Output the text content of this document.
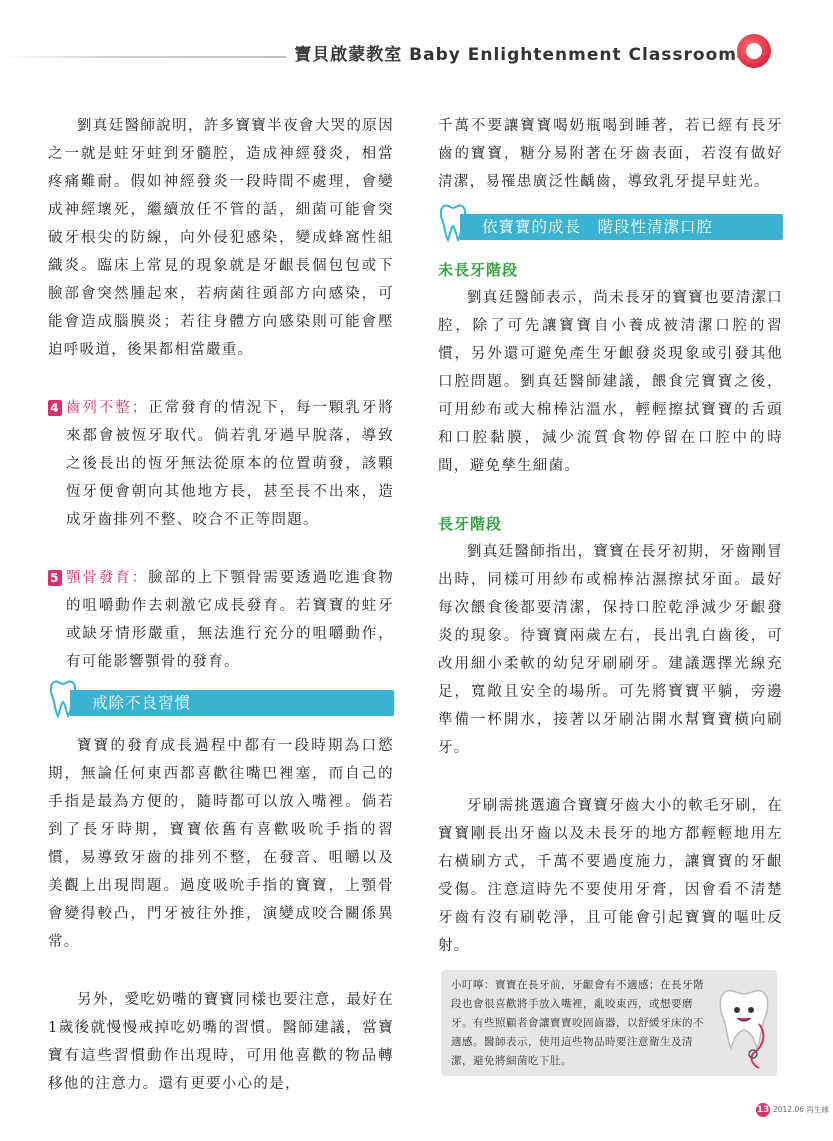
寶貝啟蒙教室 Baby Enlightenment Classroom

劉真廷醫師說明，許多寶寶半夜會大哭的原因之一就是蛀牙蛀到牙髓腔，造成神經發炎，相當疼痛難耐。假如神經發炎一段時間不處理，會變成神經壞死，繼續放任不管的話，細菌可能會突破牙根尖的防線，向外侵犯感染，變成蜂窩性組織炎。臨床上常見的現象就是牙齦長個包包或下臉部會突然腫起來，若病菌往頭部方向感染，可能會造成腦膜炎；若往身體方向感染則可能會壓迫呼吸道，後果都相當嚴重。

4 齒列不整；正常發育的情況下，每一顆乳牙將來都會被恆牙取代。倘若乳牙過早脫落，導致之後長出的恆牙無法從原本的位置萌發，該顆恆牙便會朝向其他地方長，甚至長不出來，造成牙齒排列不整、咬合不正等問題。
5 顎骨發育：臉部的上下顎骨需要透過吃進食物的咀嚼動作去刺激它成長發育。若寶寶的蛀牙或缺牙情形嚴重，無法進行充分的咀嚼動作，有可能影響顎骨的發育。
戒除不良習慣

寶寶的發育成長過程中都有一段時期為口慾期，無論任何東西都喜歡往嘴巴裡塞，而自己的手指是最為方便的，隨時都可以放入嘴裡。倘若到了長牙時期，寶寶依舊有喜歡吸吮手指的習慣，易導致牙齒的排列不整，在發音、咀嚼以及美觀上出現問題。過度吸吮手指的寶寶，上顎骨會變得較凸，門牙被往外推，演變成咬合關係異常。

另外，愛吃奶嘴的寶寶同樣也要注意，最好在1歲後就慢慢戒掉吃奶嘴的習慣。醫師建議，當寶寶有這些習慣動作出現時，可用他喜歡的物品轉移他的注意力。還有更要小心的是，

千萬不要讓寶寶喝奶瓶喝到睡著，若已經有長牙齒的寶寶，糖分易附著在牙齒表面，若沒有做好清潔，易罹患廣泛性齲齒，導致乳牙提早蛀光。

依寶寶的成長　階段性清潔口腔
未長牙階段

劉真廷醫師表示，尚未長牙的寶寶也要清潔口腔，除了可先讓寶寶自小養成被清潔口腔的習慣，另外還可避免產生牙齦發炎現象或引發其他口腔問題。劉真廷醫師建議，餵食完寶寶之後，可用紗布或大棉棒沾溫水，輕輕擦拭寶寶的舌頭和口腔黏膜，減少流質食物停留在口腔中的時間，避免孳生細菌。

長牙階段

劉真廷醫師指出，寶寶在長牙初期，牙齒剛冒出時，同樣可用紗布或棉棒沾濕擦拭牙面。最好每次餵食後都要清潔，保持口腔乾淨減少牙齦發炎的現象。待寶寶兩歲左右，長出乳白齒後，可改用細小柔軟的幼兒牙刷刷牙。建議選擇光線充足，寬敞且安全的場所。可先將寶寶平躺，旁邊準備一杯開水，接著以牙刷沾開水幫寶寶橫向刷牙。

牙刷需挑選適合寶寶牙齒大小的軟毛牙刷，在寶寶剛長出牙齒以及未長牙的地方都輕輕地用左右橫刷方式，千萬不要過度施力，讓寶寶的牙齦受傷。注意這時先不要使用牙膏，因會看不清楚牙齒有沒有刷乾淨，且可能會引起寶寶的嘔吐反射。

小叮嚀：寶寶在長牙前，牙齦會有不適感；在長牙階段也會很喜歡將手放入嘴裡，亂咬東西，或想要磨牙。有些照顧者會讓寶寶咬固齒器，以舒緩牙床的不適感。醫師表示，使用這些物品時要注意衛生及清潔，避免將細菌吃下肚。
13 2012.06 再生緣
